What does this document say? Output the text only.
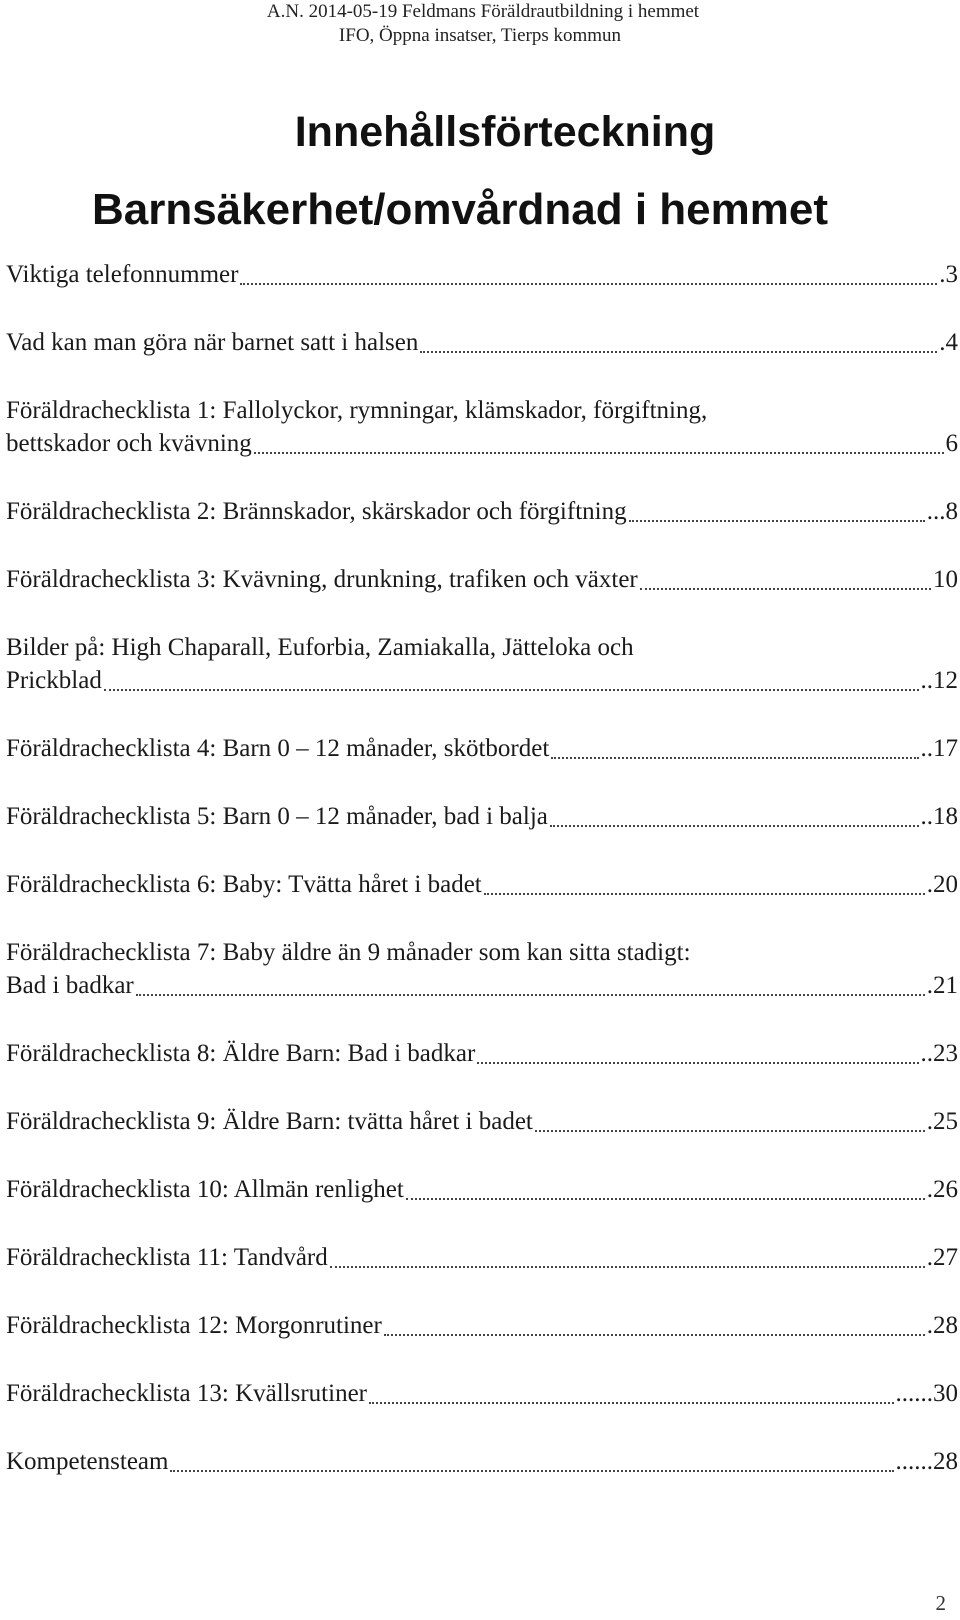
A.N. 2014-05-19 Feldmans Föräldrautbildning i hemmet
IFO, Öppna insatser, Tierps kommun
Innehållsförteckning
Barnsäkerhet/omvårdnad i hemmet
Viktiga telefonnummer	.3
Vad kan man göra när barnet satt i halsen	.4
Föräldrachecklista 1: Fallolyckor, rymningar, klämskador, förgiftning,
bettskador och kvävning	6
Föräldrachecklista 2: Brännskador, skärskador och förgiftning	...8
Föräldrachecklista 3: Kvävning, drunkning, trafiken och växter	10
Bilder på: High Chaparall, Euforbia, Zamiakalla, Jätteloka och
Prickblad	..12
Föräldrachecklista 4: Barn 0 – 12 månader, skötbordet	..17
Föräldrachecklista 5: Barn 0 – 12 månader, bad i balja	..18
Föräldrachecklista 6: Baby: Tvätta håret i badet	.20
Föräldrachecklista 7: Baby äldre än 9 månader som kan sitta stadigt:
Bad i badkar	.21
Föräldrachecklista 8: Äldre Barn: Bad i badkar	..23
Föräldrachecklista 9: Äldre Barn: tvätta håret i badet	.25
Föräldrachecklista 10: Allmän renlighet	.26
Föräldrachecklista 11: Tandvård	.27
Föräldrachecklista 12: Morgonrutiner	.28
Föräldrachecklista 13: Kvällsrutiner	......30
Kompetensteam	......28
2
